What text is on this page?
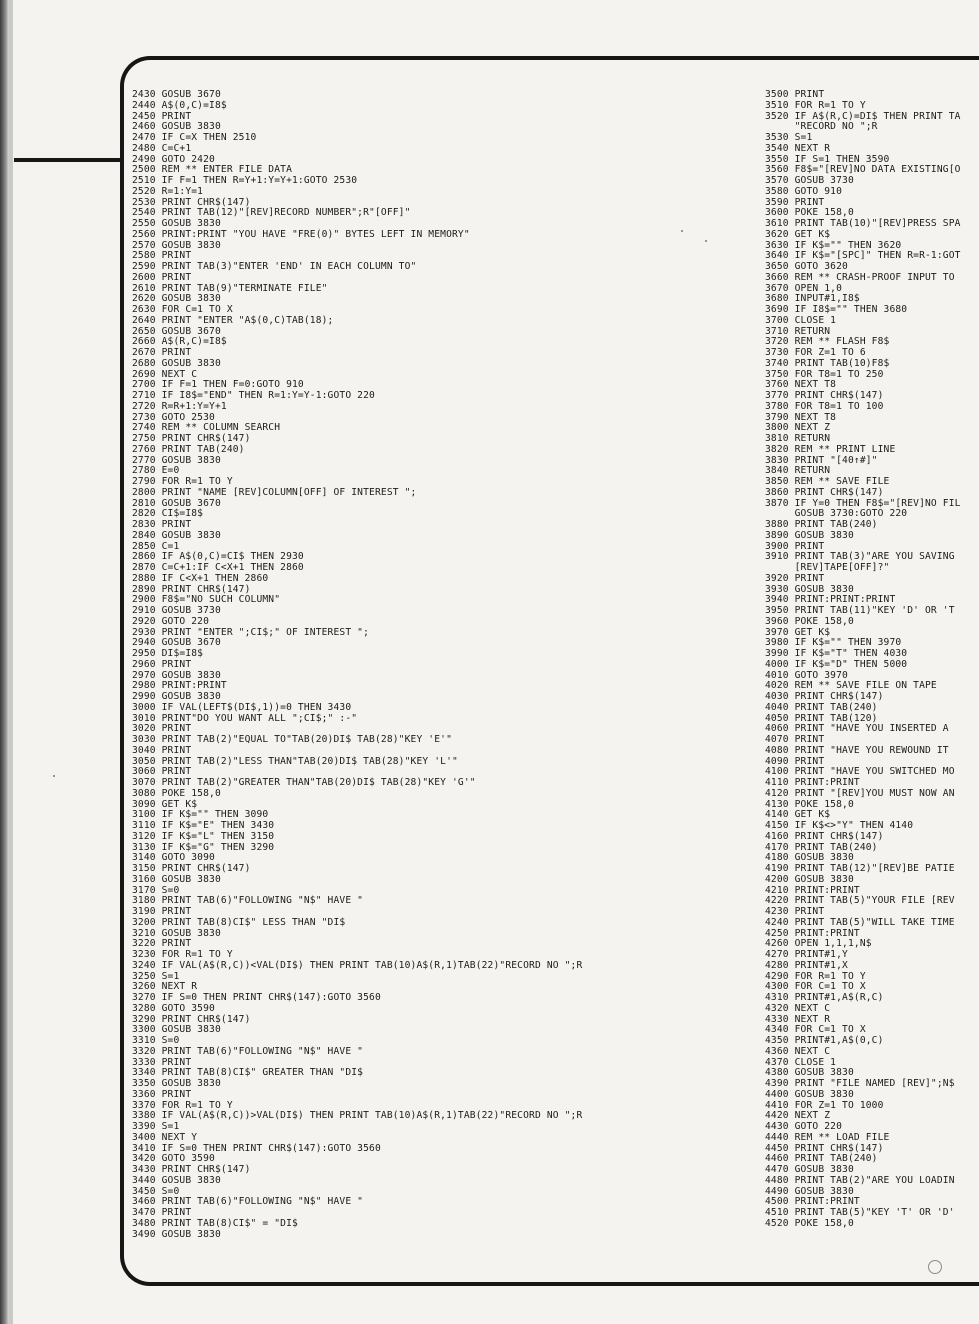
2430 GOSUB 3670
2440 A$(0,C)=I8$
2450 PRINT
2460 GOSUB 3830
2470 IF C=X THEN 2510
2480 C=C+1
2490 GOTO 2420
2500 REM ** ENTER FILE DATA
2510 IF F=1 THEN R=Y+1:Y=Y+1:GOTO 2530
2520 R=1:Y=1
2530 PRINT CHR$(147)
2540 PRINT TAB(12)"[REV]RECORD NUMBER";R"[OFF]"
2550 GOSUB 3830
2560 PRINT:PRINT "YOU HAVE "FRE(0)" BYTES LEFT IN MEMORY"
2570 GOSUB 3830
2580 PRINT
2590 PRINT TAB(3)"ENTER 'END' IN EACH COLUMN TO"
2600 PRINT
2610 PRINT TAB(9)"TERMINATE FILE"
2620 GOSUB 3830
2630 FOR C=1 TO X
2640 PRINT "ENTER "A$(0,C)TAB(18);
2650 GOSUB 3670
2660 A$(R,C)=I8$
2670 PRINT
2680 GOSUB 3830
2690 NEXT C
2700 IF F=1 THEN F=0:GOTO 910
2710 IF I8$="END" THEN R=1:Y=Y-1:GOTO 220
2720 R=R+1:Y=Y+1
2730 GOTO 2530
2740 REM ** COLUMN SEARCH
2750 PRINT CHR$(147)
2760 PRINT TAB(240)
2770 GOSUB 3830
2780 E=0
2790 FOR R=1 TO Y
2800 PRINT "NAME [REV]COLUMN[OFF] OF INTEREST ";
2810 GOSUB 3670
2820 CI$=I8$
2830 PRINT
2840 GOSUB 3830
2850 C=1
2860 IF A$(0,C)=CI$ THEN 2930
2870 C=C+1:IF C<X+1 THEN 2860
2880 IF C<X+1 THEN 2860
2890 PRINT CHR$(147)
2900 F8$="NO SUCH COLUMN"
2910 GOSUB 3730
2920 GOTO 220
2930 PRINT "ENTER ";CI$;" OF INTEREST ";
2940 GOSUB 3670
2950 DI$=I8$
2960 PRINT
2970 GOSUB 3830
2980 PRINT:PRINT
2990 GOSUB 3830
3000 IF VAL(LEFT$(DI$,1))=0 THEN 3430
3010 PRINT"DO YOU WANT ALL ";CI$;" :-"
3020 PRINT
3030 PRINT TAB(2)"EQUAL TO"TAB(20)DI$ TAB(28)"KEY 'E'"
3040 PRINT
3050 PRINT TAB(2)"LESS THAN"TAB(20)DI$ TAB(28)"KEY 'L'"
3060 PRINT
3070 PRINT TAB(2)"GREATER THAN"TAB(20)DI$ TAB(28)"KEY 'G'"
3080 POKE 158,0
3090 GET K$
3100 IF K$="" THEN 3090
3110 IF K$="E" THEN 3430
3120 IF K$="L" THEN 3150
3130 IF K$="G" THEN 3290
3140 GOTO 3090
3150 PRINT CHR$(147)
3160 GOSUB 3830
3170 S=0
3180 PRINT TAB(6)"FOLLOWING "N$" HAVE "
3190 PRINT
3200 PRINT TAB(8)CI$" LESS THAN "DI$
3210 GOSUB 3830
3220 PRINT
3230 FOR R=1 TO Y
3240 IF VAL(A$(R,C))<VAL(DI$) THEN PRINT TAB(10)A$(R,1)TAB(22)"RECORD NO ";R
3250 S=1
3260 NEXT R
3270 IF S=0 THEN PRINT CHR$(147):GOTO 3560
3280 GOTO 3590
3290 PRINT CHR$(147)
3300 GOSUB 3830
3310 S=0
3320 PRINT TAB(6)"FOLLOWING "N$" HAVE "
3330 PRINT
3340 PRINT TAB(8)CI$" GREATER THAN "DI$
3350 GOSUB 3830
3360 PRINT
3370 FOR R=1 TO Y
3380 IF VAL(A$(R,C))>VAL(DI$) THEN PRINT TAB(10)A$(R,1)TAB(22)"RECORD NO ";R
3390 S=1
3400 NEXT Y
3410 IF S=0 THEN PRINT CHR$(147):GOTO 3560
3420 GOTO 3590
3430 PRINT CHR$(147)
3440 GOSUB 3830
3450 S=0
3460 PRINT TAB(6)"FOLLOWING "N$" HAVE "
3470 PRINT
3480 PRINT TAB(8)CI$" = "DI$
3490 GOSUB 3830
3500 PRINT
3510 FOR R=1 TO Y
3520 IF A$(R,C)=DI$ THEN PRINT TA
"RECORD NO ";R
3530 S=1
3540 NEXT R
3550 IF S=1 THEN 3590
3560 F8$="[REV]NO DATA EXISTING[O
3570 GOSUB 3730
3580 GOTO 910
3590 PRINT
3600 POKE 158,0
3610 PRINT TAB(10)"[REV]PRESS SPA
3620 GET K$
3630 IF K$="" THEN 3620
3640 IF K$="[SPC]" THEN R=R-1:GOT
3650 GOTO 3620
3660 REM ** CRASH-PROOF INPUT TO
3670 OPEN 1,0
3680 INPUT#1,I8$
3690 IF I8$="" THEN 3680
3700 CLOSE 1
3710 RETURN
3720 REM ** FLASH F8$
3730 FOR Z=1 TO 6
3740 PRINT TAB(10)F8$
3750 FOR T8=1 TO 250
3760 NEXT T8
3770 PRINT CHR$(147)
3780 FOR T8=1 TO 100
3790 NEXT T8
3800 NEXT Z
3810 RETURN
3820 REM ** PRINT LINE
3830 PRINT "[40↑#]"
3840 RETURN
3850 REM ** SAVE FILE
3860 PRINT CHR$(147)
3870 IF Y=0 THEN F8$="[REV]NO FIL
GOSUB 3730:GOTO 220
3880 PRINT TAB(240)
3890 GOSUB 3830
3900 PRINT
3910 PRINT TAB(3)"ARE YOU SAVING
[REV]TAPE[OFF]?"
3920 PRINT
3930 GOSUB 3830
3940 PRINT:PRINT:PRINT
3950 PRINT TAB(11)"KEY 'D' OR 'T
3960 POKE 158,0
3970 GET K$
3980 IF K$="" THEN 3970
3990 IF K$="T" THEN 4030
4000 IF K$="D" THEN 5000
4010 GOTO 3970
4020 REM ** SAVE FILE ON TAPE
4030 PRINT CHR$(147)
4040 PRINT TAB(240)
4050 PRINT TAB(120)
4060 PRINT "HAVE YOU INSERTED A
4070 PRINT
4080 PRINT "HAVE YOU REWOUND IT
4090 PRINT
4100 PRINT "HAVE YOU SWITCHED MO
4110 PRINT:PRINT
4120 PRINT "[REV]YOU MUST NOW AN
4130 POKE 158,0
4140 GET K$
4150 IF K$<>"Y" THEN 4140
4160 PRINT CHR$(147)
4170 PRINT TAB(240)
4180 GOSUB 3830
4190 PRINT TAB(12)"[REV]BE PATIE
4200 GOSUB 3830
4210 PRINT:PRINT
4220 PRINT TAB(5)"YOUR FILE [REV
4230 PRINT
4240 PRINT TAB(5)"WILL TAKE TIME
4250 PRINT:PRINT
4260 OPEN 1,1,1,N$
4270 PRINT#1,Y
4280 PRINT#1,X
4290 FOR R=1 TO Y
4300 FOR C=1 TO X
4310 PRINT#1,A$(R,C)
4320 NEXT C
4330 NEXT R
4340 FOR C=1 TO X
4350 PRINT#1,A$(0,C)
4360 NEXT C
4370 CLOSE 1
4380 GOSUB 3830
4390 PRINT "FILE NAMED [REV]";N$
4400 GOSUB 3830
4410 FOR Z=1 TO 1000
4420 NEXT Z
4430 GOTO 220
4440 REM ** LOAD FILE
4450 PRINT CHR$(147)
4460 PRINT TAB(240)
4470 GOSUB 3830
4480 PRINT TAB(2)"ARE YOU LOADIN
4490 GOSUB 3830
4500 PRINT:PRINT
4510 PRINT TAB(5)"KEY 'T' OR 'D'
4520 POKE 158,0
